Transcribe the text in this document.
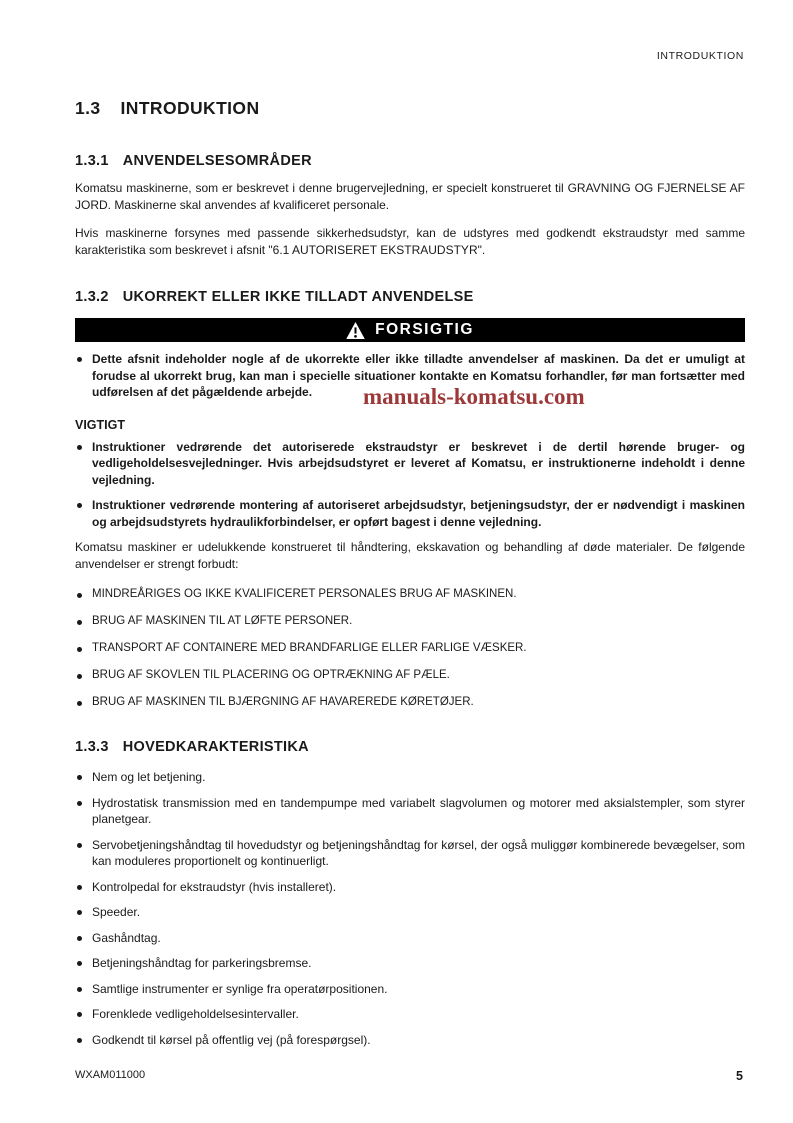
INTRODUKTION
1.3 INTRODUKTION
1.3.1 ANVENDELSESOMRÅDER

Komatsu maskinerne, som er beskrevet i denne brugervejledning, er specielt konstrueret til GRAVNING OG FJERNELSE AF JORD. Maskinerne skal anvendes af kvalificeret personale.

Hvis maskinerne forsynes med passende sikkerhedsudstyr, kan de udstyres med godkendt ekstraudstyr med samme karakteristika som beskrevet i afsnit "6.1 AUTORISERET EKSTRAUDSTYR".

1.3.2 UKORREKT ELLER IKKE TILLADT ANVENDELSE
FORSIGTIG

Dette afsnit indeholder nogle af de ukorrekte eller ikke tilladte anvendelser af maskinen. Da det er umuligt at forudse al ukorrekt brug, kan man i specielle situationer kontakte en Komatsu forhandler, før man fortsætter med udførelsen af det pågældende arbejde.

VIGTIGT

Instruktioner vedrørende det autoriserede ekstraudstyr er beskrevet i de dertil hørende bruger- og vedligeholdelsesvejledninger. Hvis arbejdsudstyret er leveret af Komatsu, er instruktionerne indeholdt i denne vejledning.

Instruktioner vedrørende montering af autoriseret arbejdsudstyr, betjeningsudstyr, der er nødvendigt i maskinen og arbejdsudstyrets hydraulikforbindelser, er opført bagest i denne vejledning.

Komatsu maskiner er udelukkende konstrueret til håndtering, ekskavation og behandling af døde materialer. De følgende anvendelser er strengt forbudt:

MINDREÅRIGES OG IKKE KVALIFICERET PERSONALES BRUG AF MASKINEN.

BRUG AF MASKINEN TIL AT LØFTE PERSONER.

TRANSPORT AF CONTAINERE MED BRANDFARLIGE ELLER FARLIGE VÆSKER.

BRUG AF SKOVLEN TIL PLACERING OG OPTRÆKNING AF PÆLE.

BRUG AF MASKINEN TIL BJÆRGNING AF HAVAREREDE KØRETØJER.

1.3.3 HOVEDKARAKTERISTIKA

Nem og let betjening.

Hydrostatisk transmission med en tandempumpe med variabelt slagvolumen og motorer med aksialstempler, som styrer planetgear.

Servobetjeningshåndtag til hovedudstyr og betjeningshåndtag for kørsel, der også muliggør kombinerede bevægelser, som kan moduleres proportionelt og kontinuerligt.

Kontrolpedal for ekstraudstyr (hvis installeret).

Speeder.

Gashåndtag.

Betjeningshåndtag for parkeringsbremse.

Samtlige instrumenter er synlige fra operatørpositionen.

Forenklede vedligeholdelsesintervaller.

Godkendt til kørsel på offentlig vej (på forespørgsel).

manuals-komatsu.com
WXAM011000	5
